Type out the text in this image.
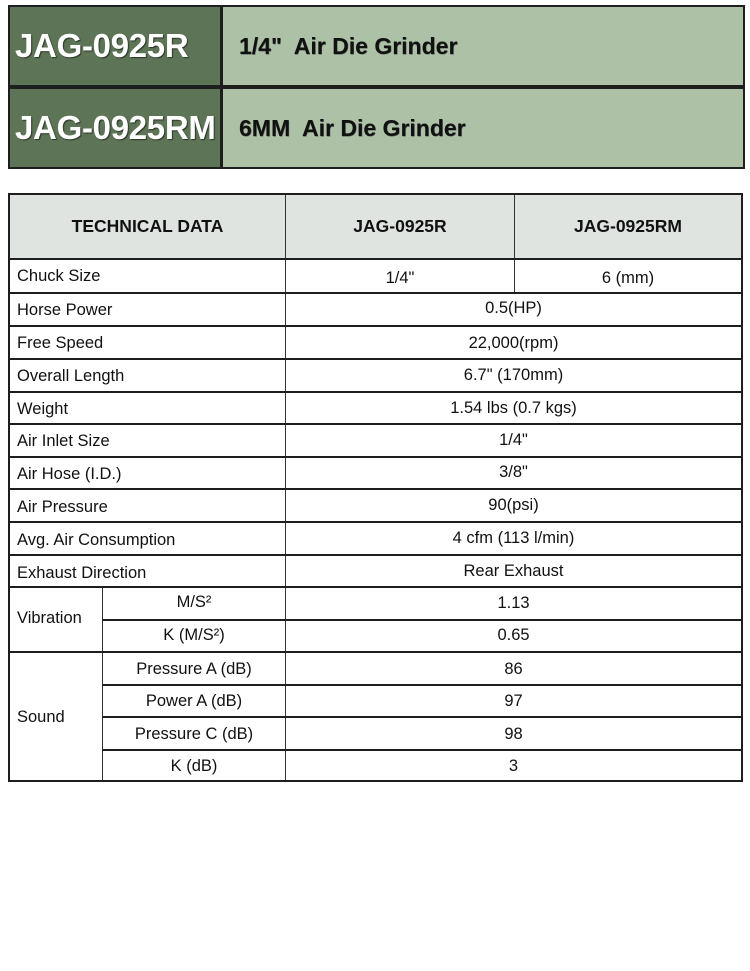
JAG-0925R	1/4"  Air Die Grinder
JAG-0925RM	6MM  Air Die Grinder
TECHNICAL DATA	JAG-0925R	JAG-0925RM
Chuck Size	1/4"	6 (mm)
Horse Power	0.5(HP)
Free Speed	22,000(rpm)
Overall Length	6.7" (170mm)
Weight	1.54 lbs (0.7 kgs)
Air Inlet Size	1/4"
Air Hose (I.D.)	3/8"
Air Pressure	90(psi)
Avg. Air Consumption	4 cfm (113 l/min)
Exhaust Direction	Rear Exhaust
Vibration
M/S²	1.13
K (M/S²)	0.65
Sound
Pressure A (dB)	86
Power A (dB)	97
Pressure C (dB)	98
K (dB)	3
